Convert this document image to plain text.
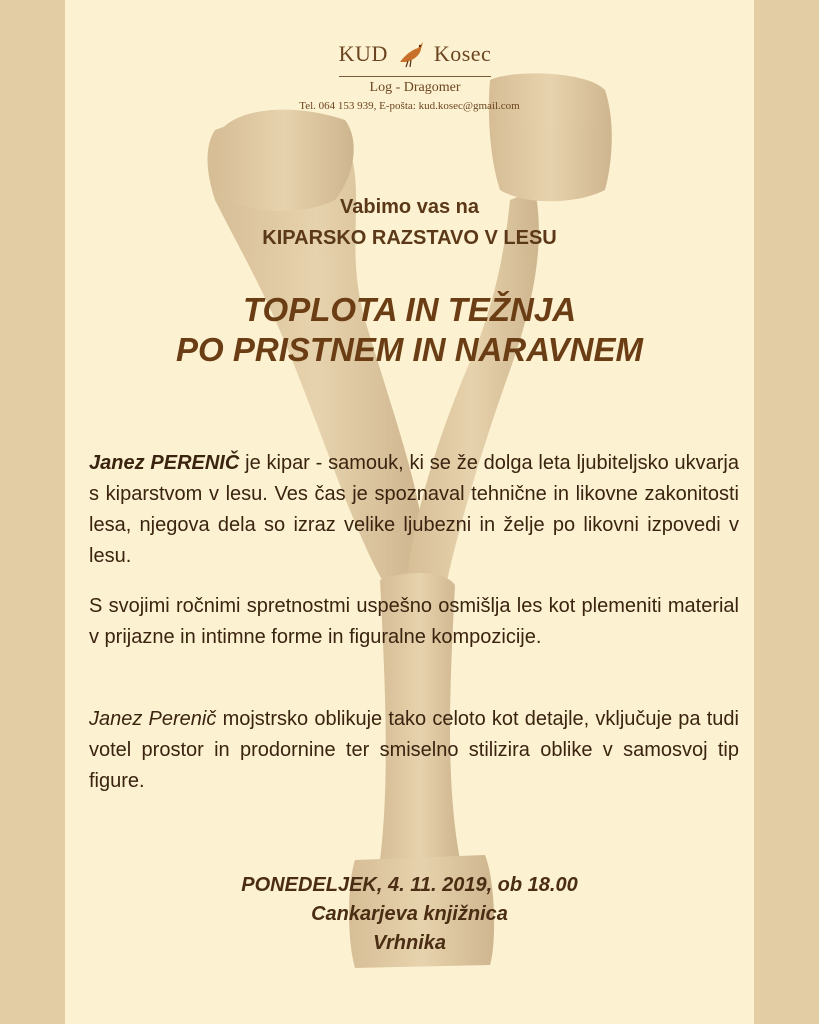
KUD Kosec
Log - Dragomer
Tel. 064 153 939, E-pošta: kud.kosec@gmail.com
Vabimo vas na
KIPARSKO RAZSTAVO V LESU
TOPLOTA IN TEŽNJA
PO PRISTNEM IN NARAVNEM
Janez PERENIČ je kipar - samouk, ki se že dolga leta ljubiteljsko ukvarja s kiparstvom v lesu. Ves čas je spoznaval tehnične in likovne zakonitosti lesa, njegova dela so izraz velike ljubezni in želje po likovni izpovedi v lesu.
S svojimi ročnimi spretnostmi uspešno osmišlja les kot plemeniti material v prijazne in intimne forme in figuralne kompozicije.
Janez Perenič mojstrsko oblikuje tako celoto kot detajle, vključuje pa tudi votel prostor in prodornine ter smiselno stilizira oblike v samosvoj tip figure.
PONEDELJEK, 4. 11. 2019, ob 18.00
Cankarjeva knjižnica
Vrhnika
